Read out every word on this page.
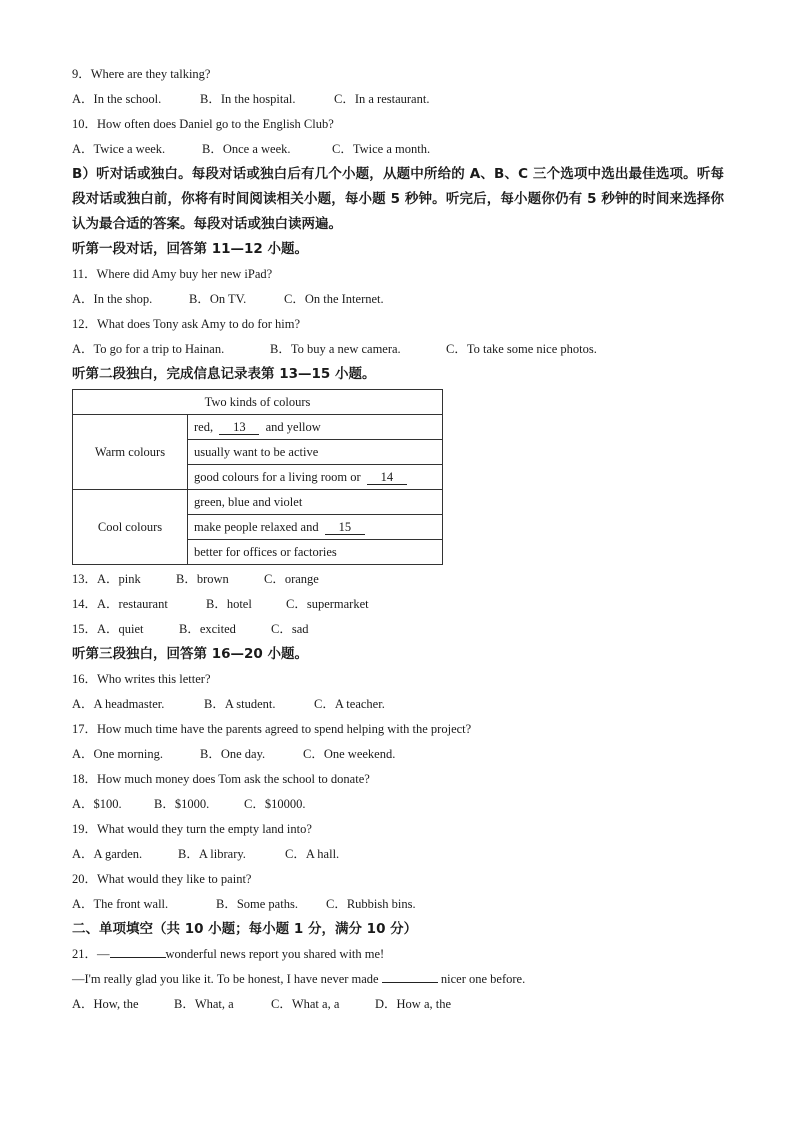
9．Where are they talking?
A．In the school.	B．In the hospital.	C．In a restaurant.
10．How often does Daniel go to the English Club?
A．Twice a week.	B．Once a week.	C．Twice a month.
B）听对话或独白。每段对话或独白后有几个小题，从题中所给的 A、B、C 三个选项中选出最佳选项。听每段对话或独白前，你将有时间阅读相关小题，每小题 5 秒钟。听完后，每小题你仍有 5 秒钟的时间来选择你认为最合适的答案。每段对话或独白读两遍。
听第一段对话，回答第 11—12 小题。
11．Where did Amy buy her new iPad?
A．In the shop.	B．On TV.	C．On the Internet.
12．What does Tony ask Amy to do for him?
A．To go for a trip to Hainan.	B．To buy a new camera.	C．To take some nice photos.
听第二段独白，完成信息记录表第 13—15 小题。
Two kinds of colours	
Warm colours	red, 13 and yellow
	usually want to be active
	good colours for a living room or 14
Cool colours	green, blue and violet
	make people relaxed and 15
	better for offices or factories
13．A．pink	B．brown	C．orange
14．A．restaurant	B．hotel	C．supermarket
15．A．quiet	B．excited	C．sad
听第三段独白，回答第 16—20 小题。
16．Who writes this letter?
A．A headmaster.	B．A student.	C．A teacher.
17．How much time have the parents agreed to spend helping with the project?
A．One morning.	B．One day.	C．One weekend.
18．How much money does Tom ask the school to donate?
A．$100.	B．$1000.	C．$10000.
19．What would they turn the empty land into?
A．A garden.	B．A library.	C．A hall.
20．What would they like to paint?
A．The front wall.	B．Some paths. C．Rubbish bins.
二、单项填空（共 10 小题；每小题 1 分，满分 10 分）
21．—	wonderful news report you shared with me!
—I'm really glad you like it. To be honest, I have never made	nicer one before.
A．How, the	B．What, a	C．What a, a	D．How a, the
